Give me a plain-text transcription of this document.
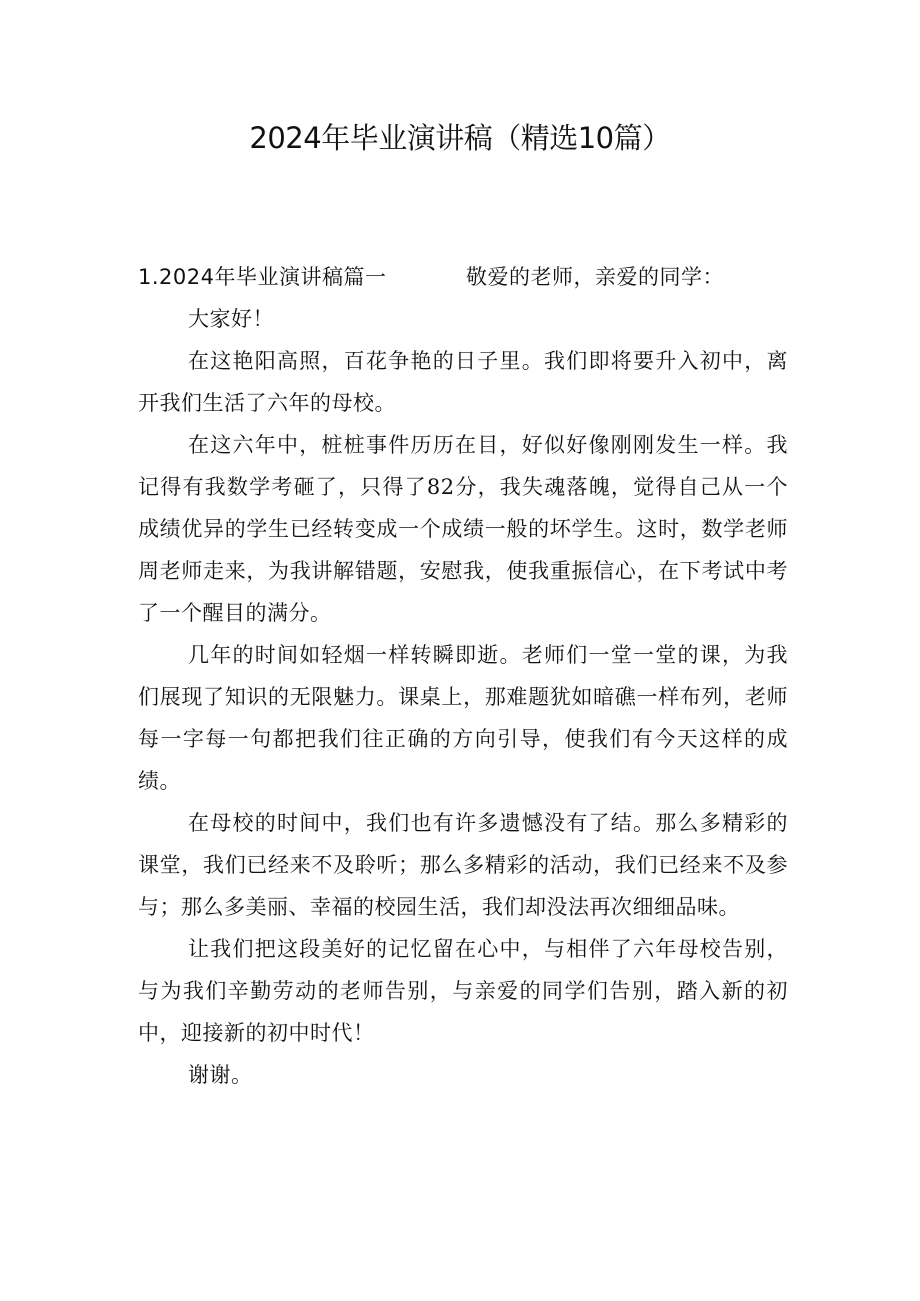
2024年毕业演讲稿（精选10篇）

1.2024年毕业演讲稿篇一	敬爱的老师，亲爱的同学：

大家好！

在这艳阳高照，百花争艳的日子里。我们即将要升入初中，离开我们生活了六年的母校。

在这六年中，桩桩事件历历在目，好似好像刚刚发生一样。我记得有我数学考砸了，只得了82分，我失魂落魄，觉得自己从一个成绩优异的学生已经转变成一个成绩一般的坏学生。这时，数学老师周老师走来，为我讲解错题，安慰我，使我重振信心，在下考试中考了一个醒目的满分。

几年的时间如轻烟一样转瞬即逝。老师们一堂一堂的课，为我们展现了知识的无限魅力。课桌上，那难题犹如暗礁一样布列，老师每一字每一句都把我们往正确的方向引导，使我们有今天这样的成绩。

在母校的时间中，我们也有许多遗憾没有了结。那么多精彩的课堂，我们已经来不及聆听；那么多精彩的活动，我们已经来不及参与；那么多美丽、幸福的校园生活，我们却没法再次细细品味。

让我们把这段美好的记忆留在心中，与相伴了六年母校告别，与为我们辛勤劳动的老师告别，与亲爱的同学们告别，踏入新的初中，迎接新的初中时代！

谢谢。
